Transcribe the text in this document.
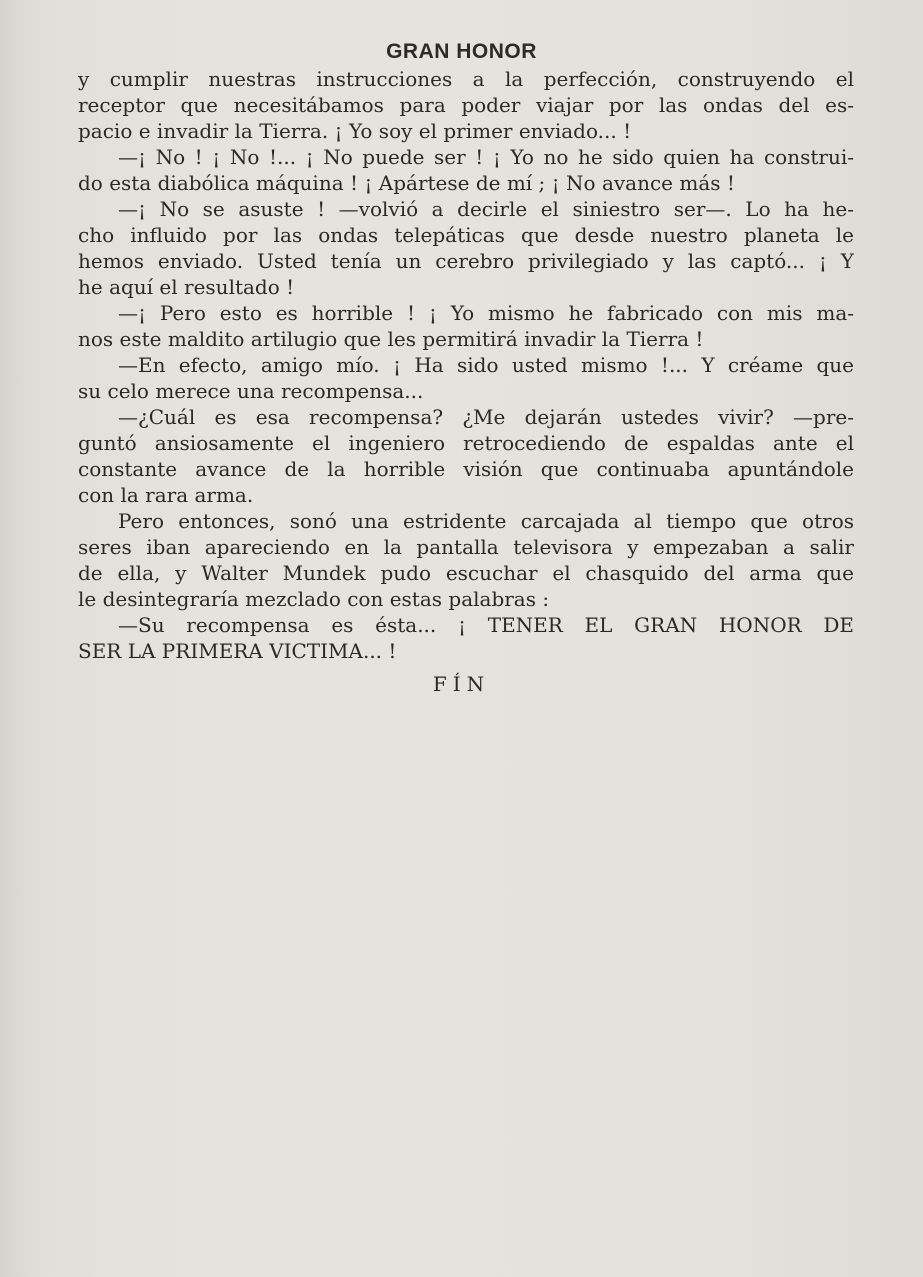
GRAN HONOR
y cumplir nuestras instrucciones a la perfección, construyendo el
receptor que necesitábamos para poder viajar por las ondas del es-
pacio e invadir la Tierra. ¡ Yo soy el primer enviado... !
—¡ No ! ¡ No !... ¡ No puede ser ! ¡ Yo no he sido quien ha construi-
do esta diabólica máquina ! ¡ Apártese de mí ; ¡ No avance más !
—¡ No se asuste ! —volvió a decirle el siniestro ser—. Lo ha he-
cho influido por las ondas telepáticas que desde nuestro planeta le
hemos enviado. Usted tenía un cerebro privilegiado y las captó... ¡ Y
he aquí el resultado !
—¡ Pero esto es horrible ! ¡ Yo mismo he fabricado con mis ma-
nos este maldito artilugio que les permitirá invadir la Tierra !
—En efecto, amigo mío. ¡ Ha sido usted mismo !... Y créame que
su celo merece una recompensa...
—¿Cuál es esa recompensa? ¿Me dejarán ustedes vivir? —pre-
guntó ansiosamente el ingeniero retrocediendo de espaldas ante el
constante avance de la horrible visión que continuaba apuntándole
con la rara arma.
Pero entonces, sonó una estridente carcajada al tiempo que otros
seres iban apareciendo en la pantalla televisora y empezaban a salir
de ella, y Walter Mundek pudo escuchar el chasquido del arma que
le desintegraría mezclado con estas palabras :
—Su recompensa es ésta... ¡ TENER EL GRAN HONOR DE
SER LA PRIMERA VICTIMA... !

FÍN
